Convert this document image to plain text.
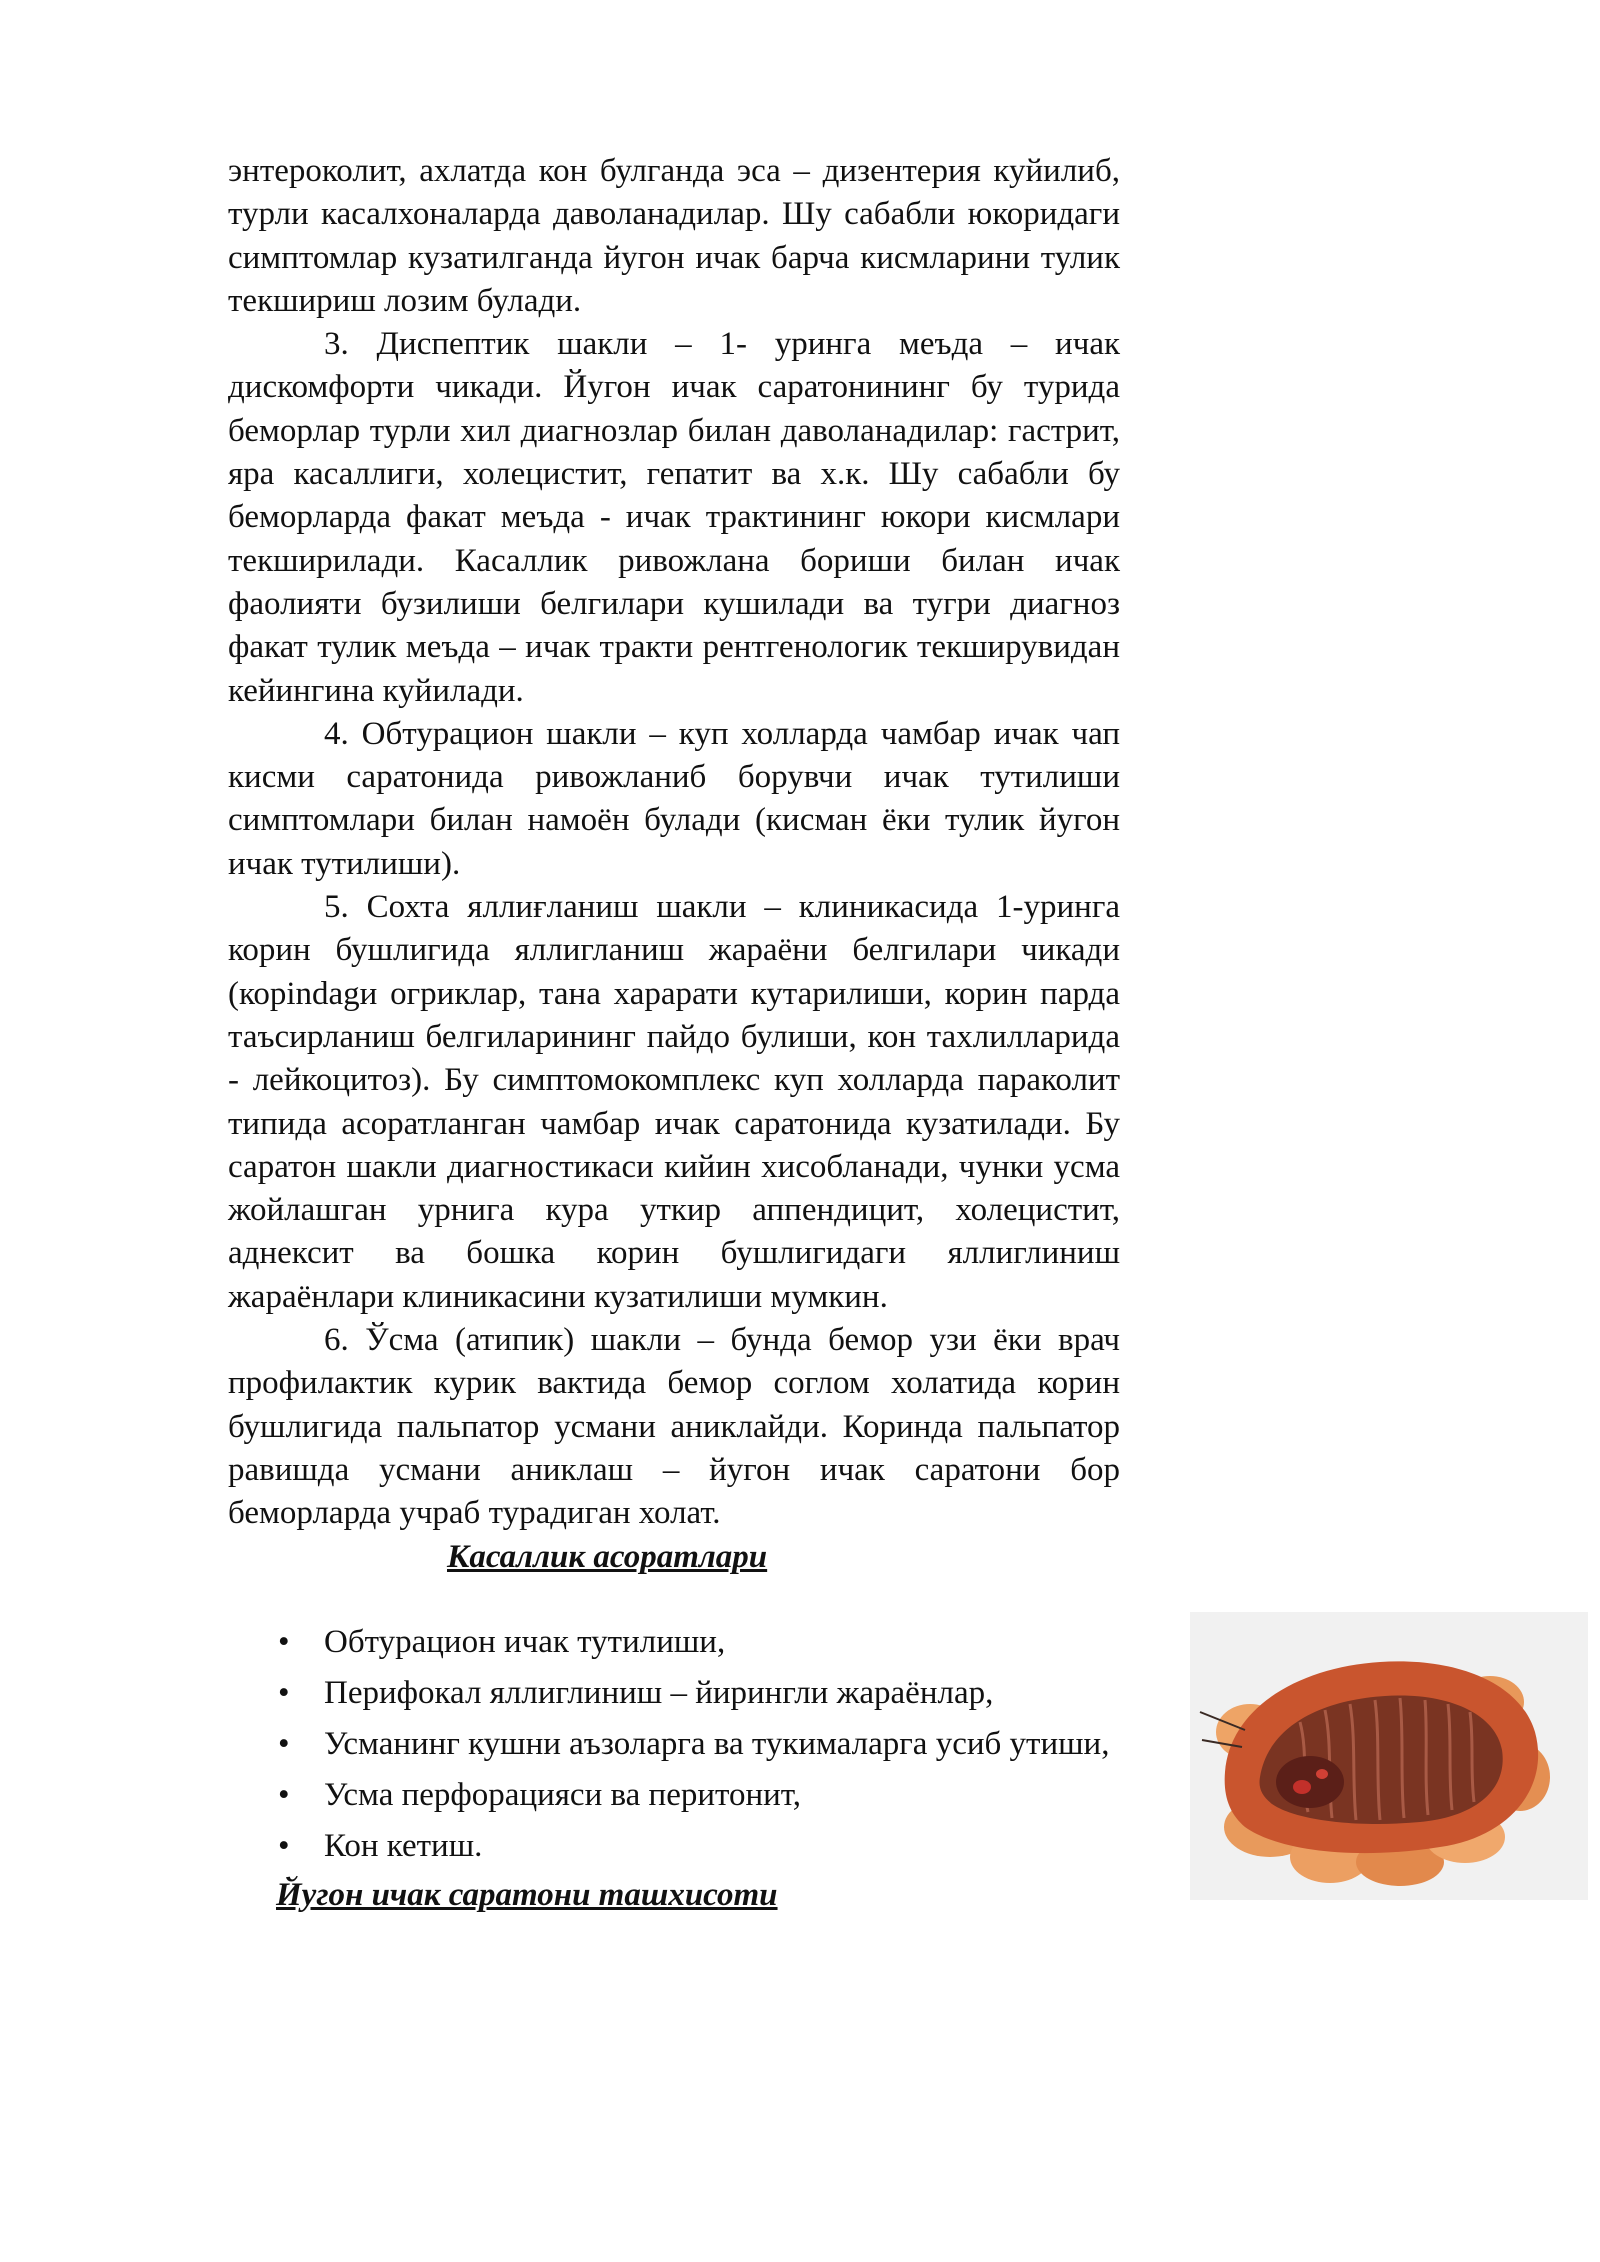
энтероколит, ахлатда кон булганда эса – дизентерия куйилиб, турли касалхоналарда даволанадилар. Шу сабабли юкоридаги симптомлар кузатилганда йугон ичак барча кисмларини тулик текшириш лозим булади.

3. Диспептик шакли – 1- уринга меъда – ичак дискомфорти чикади. Йугон ичак саратонининг бу турида беморлар турли хил диагнозлар билан даволанадилар: гастрит, яра касаллиги, холецистит, гепатит ва х.к. Шу сабабли бу беморларда факат меъда - ичак трактининг юкори кисмлари текширилади. Касаллик ривожлана бориши билан ичак фаолияти бузилиши белгилари кушилади ва тугри диагноз факат тулик меъда – ичак тракти рентгенологик текширувидан кейингина куйилади.

4. Обтурацион шакли – куп холларда чамбар ичак чап кисми саратонида ривожланиб борувчи ичак тутилиши симптомлари билан намоён булади (кисман ёки тулик йугон ичак тутилиши).

5. Сохта яллиғланиш шакли – клиникасида 1-уринга корин бушлигида яллигланиш жараёни белгилари чикади (корindagи огриклар, тана харарати кутарилиши, корин парда таъсирланиш белгиларининг пайдо булиши, кон тахлилларида - лейкоцитоз). Бу симптомокомплекс куп холларда параколит типида асоратланган чамбар ичак саратонида кузатилади. Бу саратон шакли диагностикаси кийин хисобланади, чунки усма жойлашган урнига кура уткир аппендицит, холецистит, аднексит ва бошка корин бушлигидаги яллиглиниш жараёнлари клиникасини кузатилиши мумкин.

6. Ўсма (атипик) шакли – бунда бемор узи ёки врач профилактик курик вактида бемор соглом холатида корин бушлигида пальпатор усмани аниклайди. Коринда пальпатор равишда усмани аниклаш – йугон ичак саратони бор беморларда учраб турадиган холат.

Касаллик асоратлари

• Обтурацион ичак тутилиши,
• Перифокал яллиглиниш – йирингли жараёнлар,
• Усманинг кушни аъзоларга ва тукималарга усиб утиши,
• Усма перфорацияси ва перитонит,
• Кон кетиш.

Йугон ичак саратони ташхисоти
